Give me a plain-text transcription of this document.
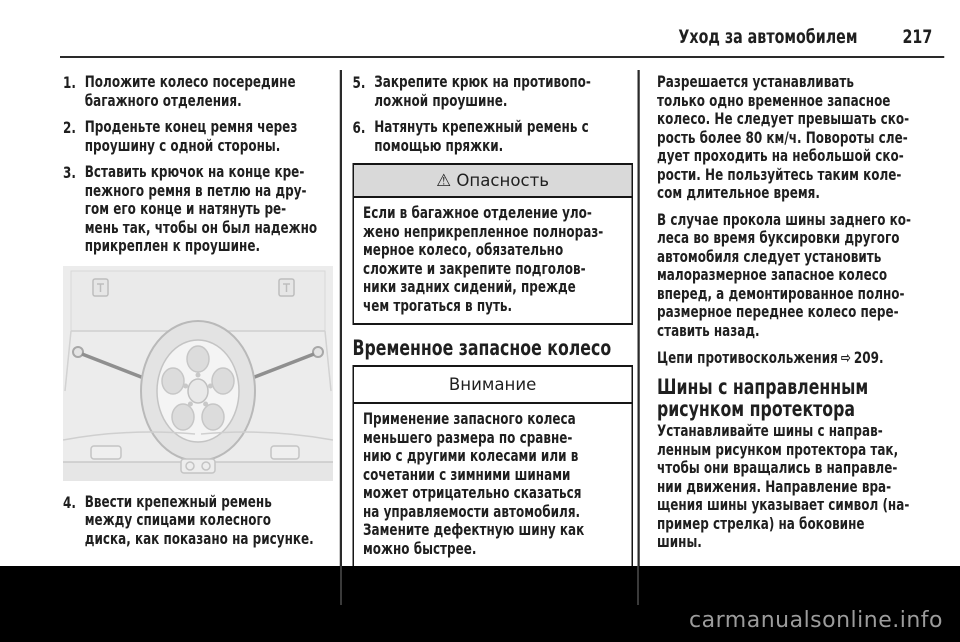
Уход за автомобилем 217
1. Положите колесо посередине
багажного отделения.
2. Проденьте конец ремня через
проушину с одной стороны.
3. Вставить крючок на конце кре-
пежного ремня в петлю на дру-
гом его конце и натянуть ре-
мень так, чтобы он был надежно
прикреплен к проушине.
4. Ввести крепежный ремень
между спицами колесного
диска, как показано на рисунке.
5. Закрепите крюк на противопо-
ложной проушине.
6. Натянуть крепежный ремень с
помощью пряжки.
⚠ Опасность
Если в багажное отделение уло-
жено неприкрепленное полнораз-
мерное колесо, обязательно
сложите и закрепите подголов-
ники задних сидений, прежде
чем трогаться в путь.
Временное запасное колесо
Внимание
Применение запасного колеса
меньшего размера по сравне-
нию с другими колесами или в
сочетании с зимними шинами
может отрицательно сказаться
на управляемости автомобиля.
Замените дефектную шину как
можно быстрее.
Разрешается устанавливать
только одно временное запасное
колесо. Не следует превышать ско-
рость более 80 км/ч. Повороты сле-
дует проходить на небольшой ско-
рости. Не пользуйтесь таким коле-
сом длительное время.
В случае прокола шины заднего ко-
леса во время буксировки другого
автомобиля следует установить
малоразмерное запасное колесо
вперед, а демонтированное полно-
размерное переднее колесо пере-
ставить назад.
Цепи противоскольжения ⇨ 209.
Шины с направленным
рисунком протектора
Устанавливайте шины с направ-
ленным рисунком протектора так,
чтобы они вращались в направле-
нии движения. Направление вра-
щения шины указывает символ (на-
пример стрелка) на боковине
шины.
carmanualsonline.info
